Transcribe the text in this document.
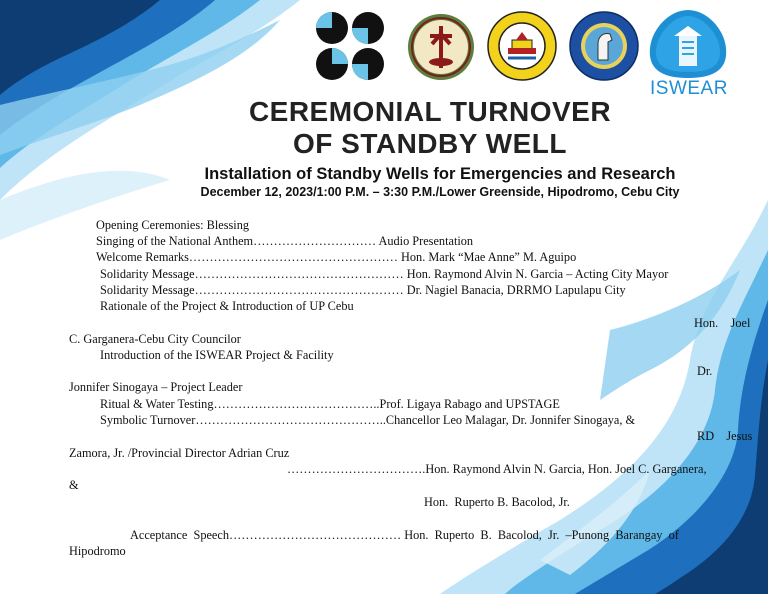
ISWEAR
CEREMONIAL TURNOVER
OF STANDBY WELL
Installation of Standby Wells for Emergencies and Research
December 12, 2023/1:00 P.M. – 3:30 P.M./Lower Greenside, Hipodromo, Cebu City
Opening Ceremonies: Blessing
Singing of the National Anthem………………………… Audio Presentation
Welcome Remarks…………………………………………… Hon. Mark “Mae Anne” M. Aguipo
Solidarity Message…………………………………………… Hon. Raymond Alvin N. Garcia – Acting City Mayor
Solidarity Message…………………………………………… Dr. Nagiel Banacia, DRRMO Lapulapu City
Rationale of the Project & Introduction of UP Cebu
Hon.    Joel
C. Garganera-Cebu City Councilor
Introduction of the ISWEAR Project & Facility
Dr.
Jonnifer Sinogaya – Project Leader
Ritual & Water Testing…………………………………..Prof. Ligaya Rabago and UPSTAGE
Symbolic Turnover………………………………………..Chancellor Leo Malagar, Dr. Jonnifer Sinogaya, &
RD    Jesus
Zamora, Jr. /Provincial Director Adrian Cruz
…………………………….Hon. Raymond Alvin N. Garcia, Hon. Joel C. Garganera,
&
Hon.  Ruperto B. Bacolod, Jr.
Acceptance  Speech…………………………………… Hon.  Ruperto  B.  Bacolod,  Jr.  –Punong  Barangay  of
Hipodromo
